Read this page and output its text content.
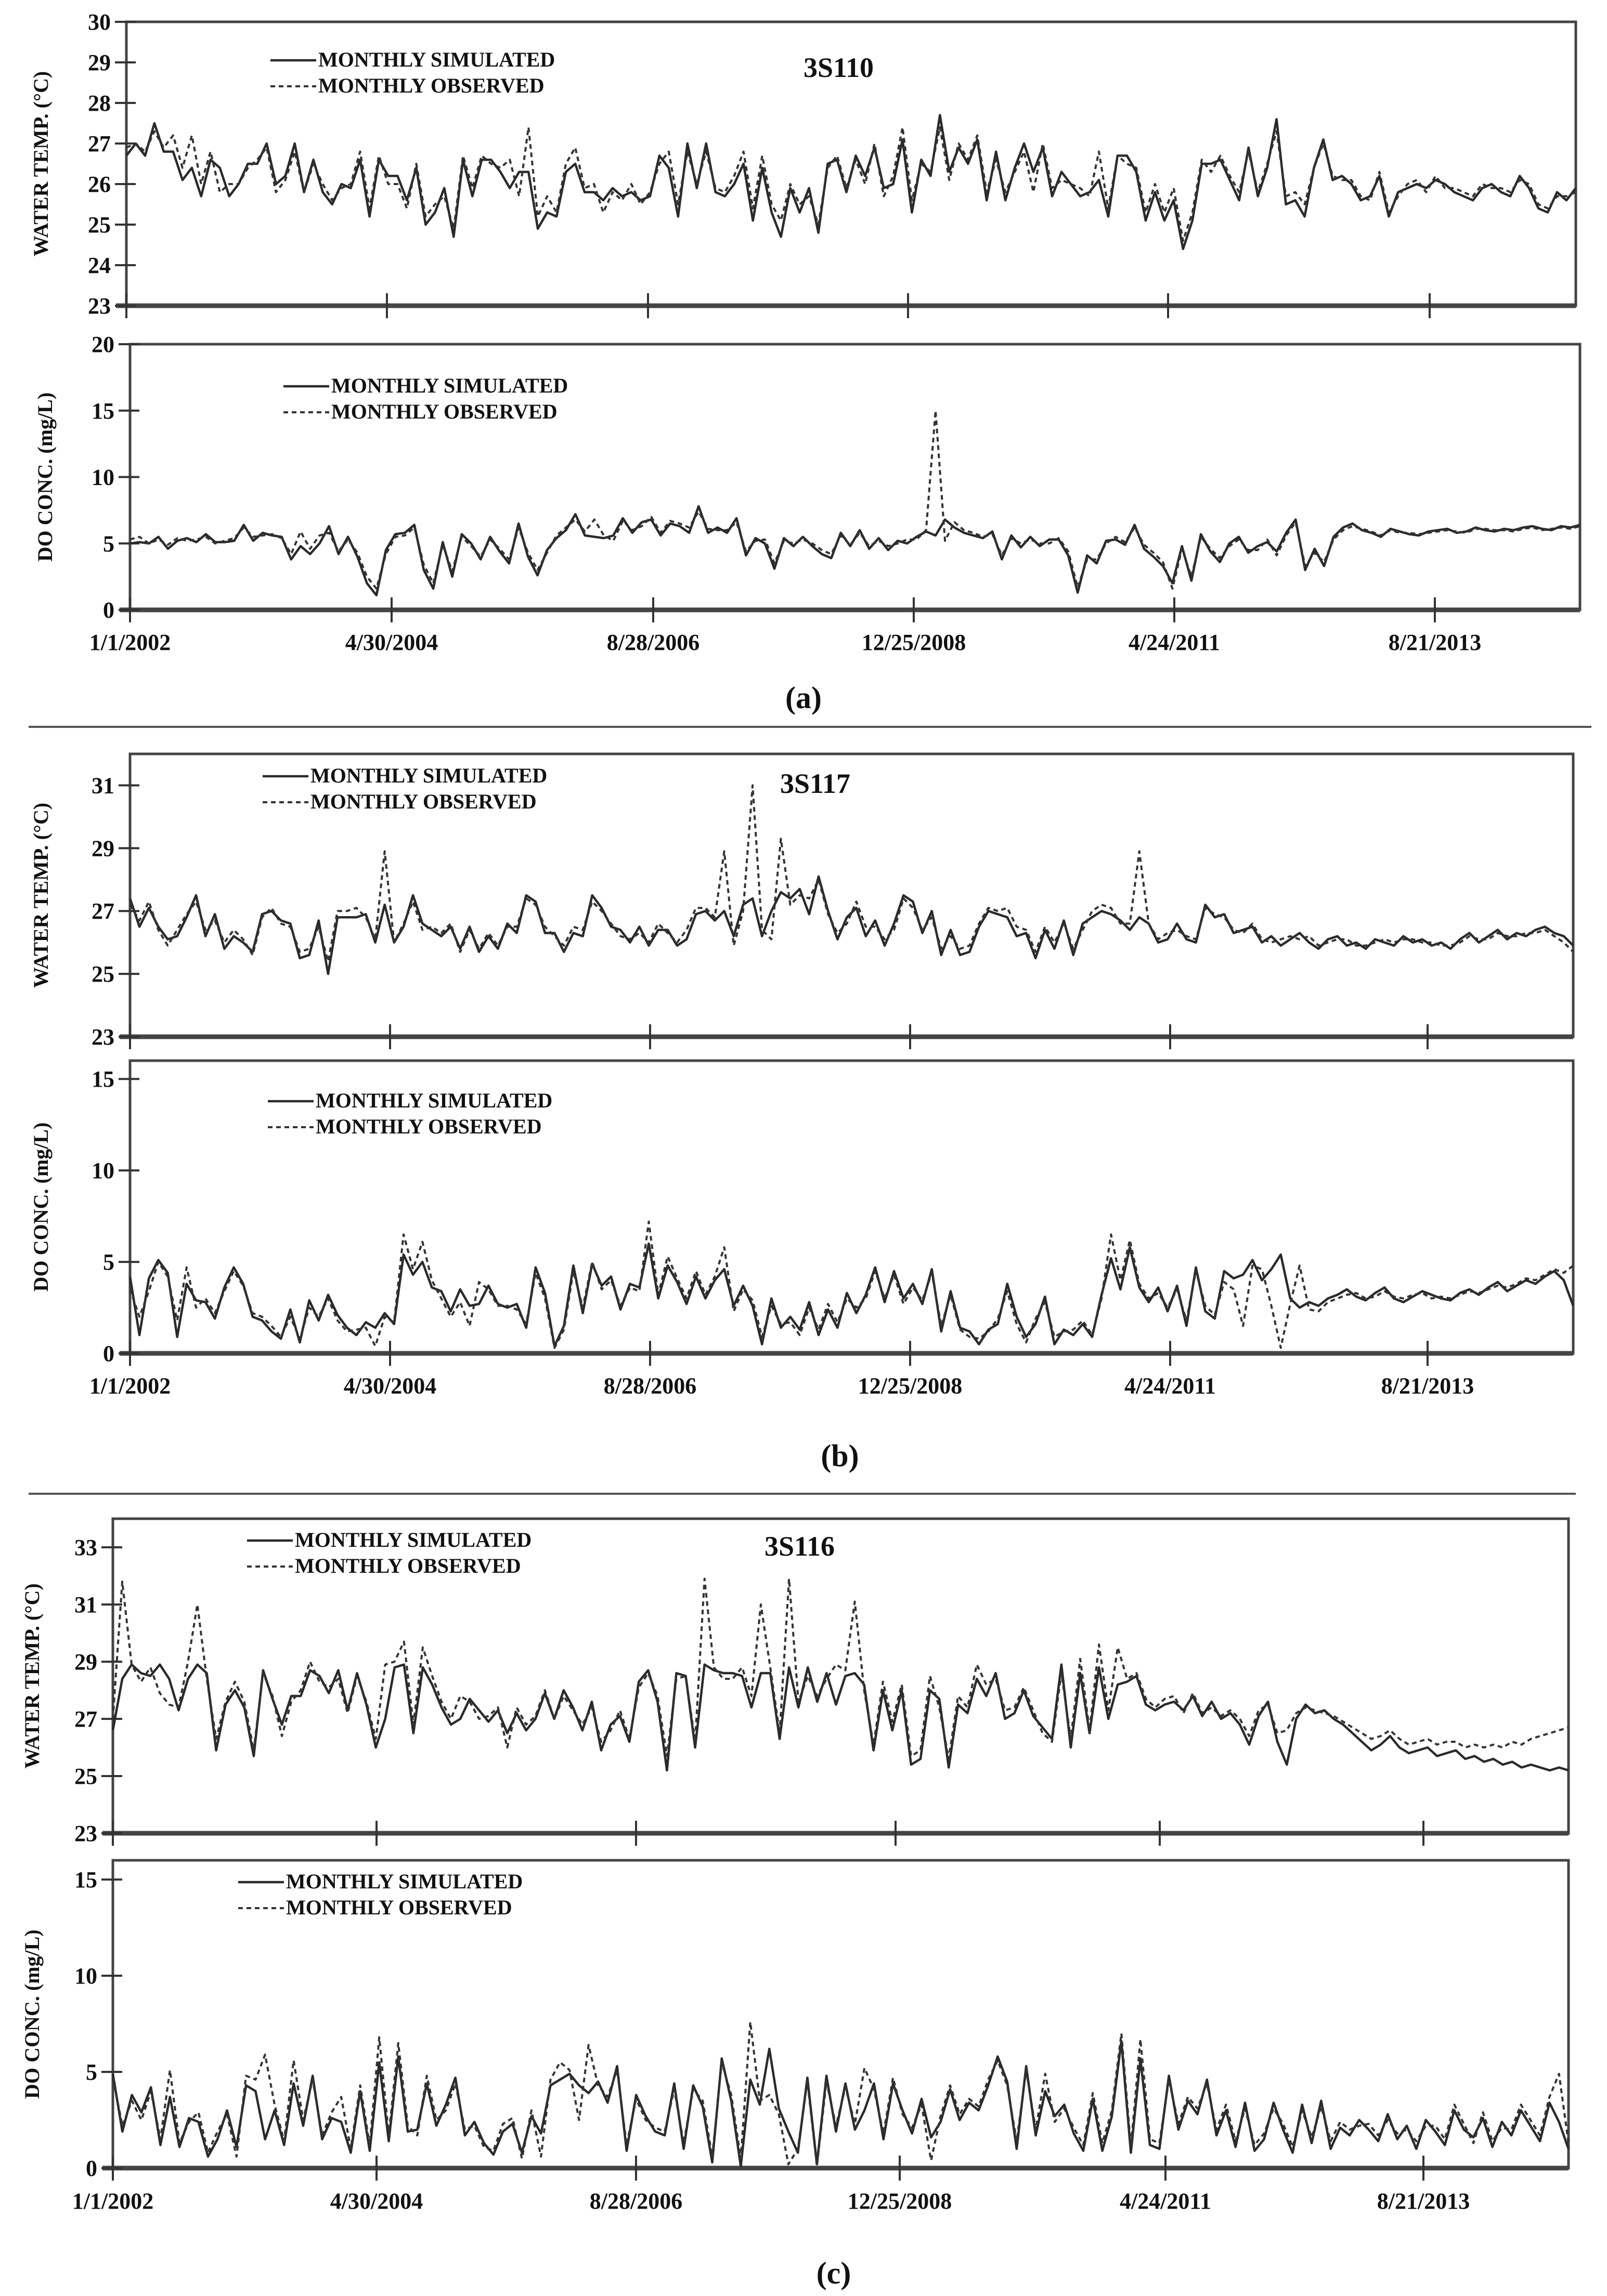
23
24
25
26
27
28
29
30
WATER TEMP. (°C)
MONTHLY SIMULATED
MONTHLY OBSERVED
0
5
10
15
20
1/1/2002	4/30/2004	8/28/2006	12/25/2008	4/24/2011	8/21/2013
DO CONC. (mg/L)
MONTHLY SIMULATED
MONTHLY OBSERVED
23
25
27
29
31
WATER TEMP. (°C)
MONTHLY SIMULATED
MONTHLY OBSERVED
0
5
10
15
1/1/2002	4/30/2004	8/28/2006	12/25/2008	4/24/2011	8/21/2013
DO CONC. (mg/L)
MONTHLY SIMULATED
MONTHLY OBSERVED
23
25
27
29
31
33
WATER TEMP. (°C)
MONTHLY SIMULATED
MONTHLY OBSERVED
0
5
10
15
1/1/2002	4/30/2004	8/28/2006	12/25/2008	4/24/2011	8/21/2013
DO CONC. (mg/L)
MONTHLY SIMULATED
MONTHLY OBSERVED
3S110
3S117
3S116
(a)
(b)
(c)
